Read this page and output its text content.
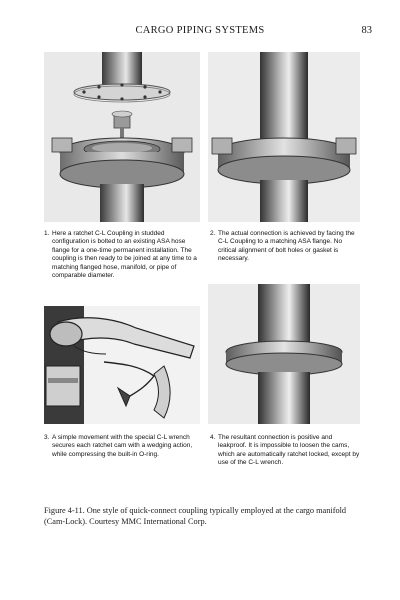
CARGO PIPING SYSTEMS	83
1. Here a ratchet C-L Coupling in studded configuration is bolted to an existing ASA hose flange for a one-time permanent installation. The coupling is then ready to be joined at any time to a matching flanged hose, manifold, or pipe of comparable diameter.
2. The actual connection is achieved by facing the C-L Coupling to a matching ASA flange. No critical alignment of bolt holes or gasket is necessary.
3. A simple movement with the special C-L wrench secures each ratchet cam with a wedging action, while compressing the built-in O-ring.
4. The resultant connection is positive and leakproof. It is impossible to loosen the cams, which are automatically ratchet locked, except by use of the C-L wrench.
Figure 4-11. One style of quick-connect coupling typically employed at the cargo manifold (Cam-Lock). Courtesy MMC International Corp.
